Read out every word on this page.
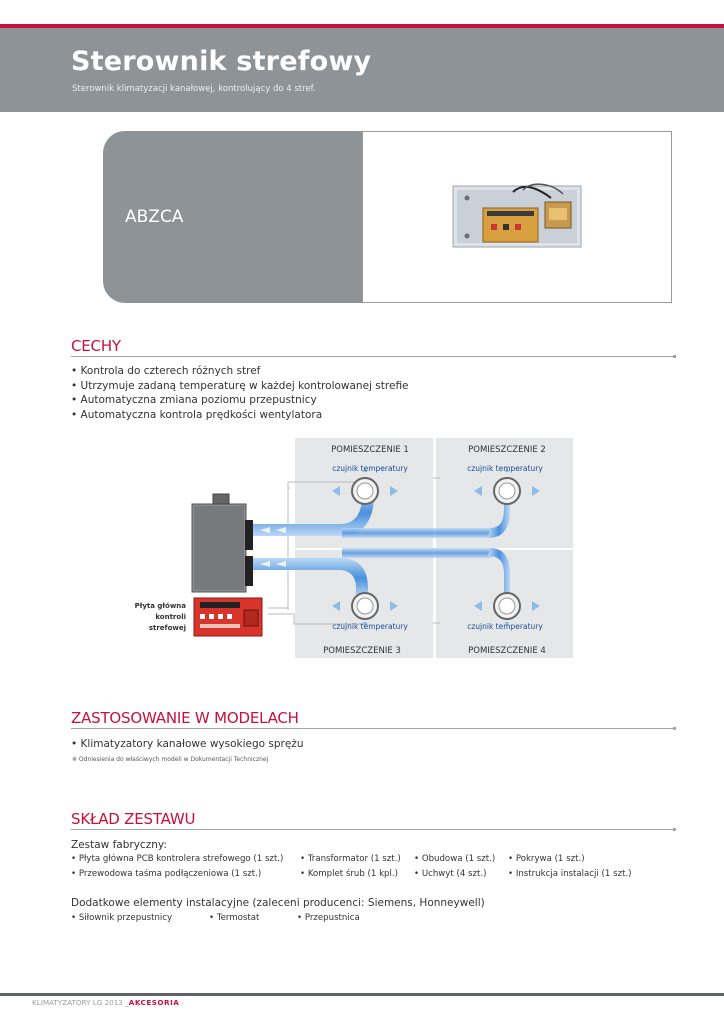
Sterownik strefowy
Sterownik klimatyzacji kanałowej, kontrolujący do 4 stref.
ABZCA
CECHY
• Kontrola do czterech różnych stref
• Utrzymuje zadaną temperaturę w każdej kontrolowanej strefie
• Automatyczna zmiana poziomu przepustnicy
• Automatyczna kontrola prędkości wentylatora
POMIESZCZENIE 1	POMIESZCZENIE 2
POMIESZCZENIE 3	POMIESZCZENIE 4
czujnik temperatury	czujnik temperatury
czujnik temperatury	czujnik temperatury
Płyta główna
kontroli
strefowej
ZASTOSOWANIE W MODELACH
• Klimatyzatory kanałowe wysokiego sprężu
※ Odniesienia do właściwych modeli w Dokumentacji Technicznej
SKŁAD ZESTAWU
Zestaw fabryczny:
• Płyta główna PCB kontrolera strefowego (1 szt.)	• Transformator (1 szt.)	• Obudowa (1 szt.)	• Pokrywa (1 szt.)
• Przewodowa taśma podłączeniowa (1 szt.)	• Komplet śrub (1 kpl.)	• Uchwyt (4 szt.)	• Instrukcja instalacji (1 szt.)
Dodatkowe elementy instalacyjne (zaleceni producenci: Siemens, Honneywell)
• Siłownik przepustnicy	• Termostat	• Przepustnica
KLIMATYZATORY LG 2013 _AKCESORIA
